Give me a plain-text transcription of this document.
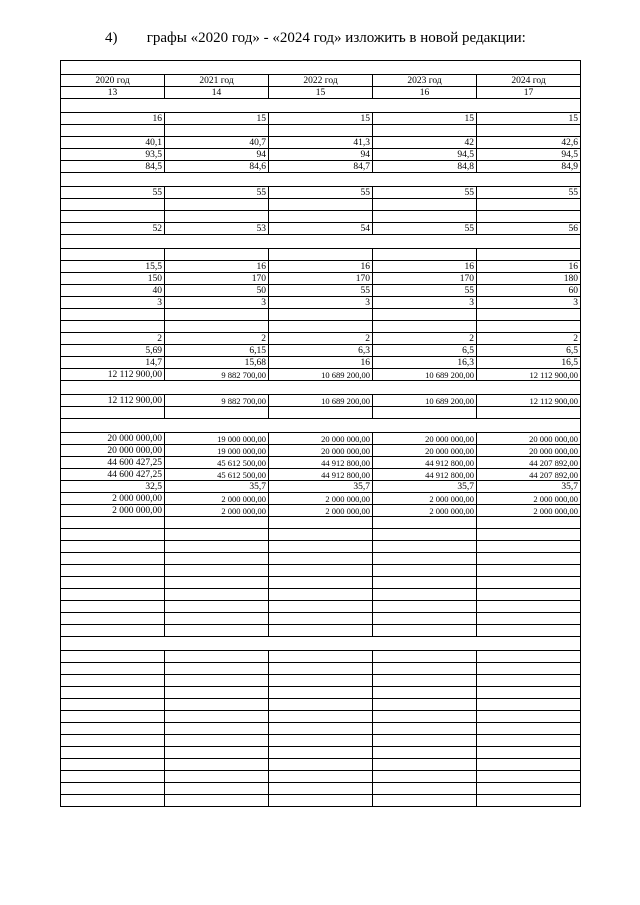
4) графы «2020 год» - «2024 год» изложить в новой редакции:

2020 год	2021 год	2022 год	2023 год	2024 год
13	14	15	16	17

16	15	15	15	15

40,1	40,7	41,3	42	42,6
93,5	94	94	94,5	94,5
84,5	84,6	84,7	84,8	84,9

55	55	55	55	55

52	53	54	55	56

15,5	16	16	16	16
150	170	170	170	180
40	50	55	55	60
3	3	3	3	3

2	2	2	2	2
5,69	6,15	6,3	6,5	6,5
14,7	15,68	16	16,3	16,5
12 112 900,00	9 882 700,00	10 689 200,00	10 689 200,00	12 112 900,00

12 112 900,00	9 882 700,00	10 689 200,00	10 689 200,00	12 112 900,00

20 000 000,00	19 000 000,00	20 000 000,00	20 000 000,00	20 000 000,00
20 000 000,00	19 000 000,00	20 000 000,00	20 000 000,00	20 000 000,00
44 600 427,25	45 612 500,00	44 912 800,00	44 912 800,00	44 207 892,00
44 600 427,25	45 612 500,00	44 912 800,00	44 912 800,00	44 207 892,00
32,5	35,7	35,7	35,7	35,7
2 000 000,00	2 000 000,00	2 000 000,00	2 000 000,00	2 000 000,00
2 000 000,00	2 000 000,00	2 000 000,00	2 000 000,00	2 000 000,00
